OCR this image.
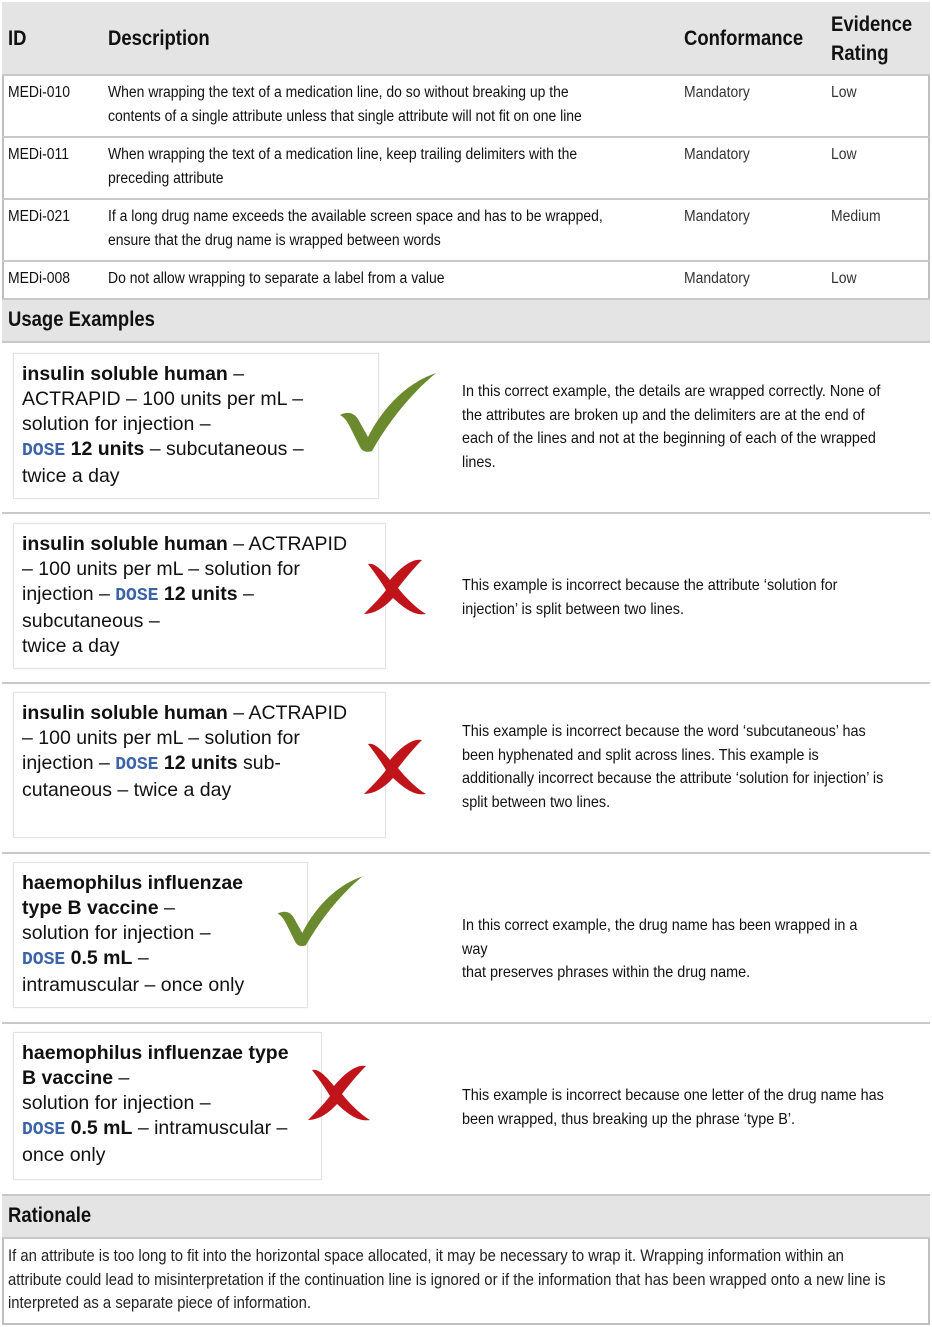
ID	Description	Conformance
Evidence
Rating
MEDi-010 When wrapping the text of a medication line, do so without breaking up the
contents of a single attribute unless that single attribute will not fit on one line
Mandatory	Low
MEDi-011	When wrapping the text of a medication line, keep trailing delimiters with the
preceding attribute
Mandatory	Low
MEDi-021 If a long drug name exceeds the available screen space and has to be wrapped,
ensure that the drug name is wrapped between words
Mandatory	Medium
MEDi-008 Do not allow wrapping to separate a label from a value	Mandatory	Low
Usage Examples
insulin soluble human –
ACTRAPID – 100 units per mL –
solution for injection –
DOSE 12 units – subcutaneous –
twice a day
In this correct example, the details are wrapped correctly. None of
the attributes are broken up and the delimiters are at the end of
each of the lines and not at the beginning of each of the wrapped
lines.
insulin soluble human – ACTRAPID
– 100 units per mL – solution for
injection – DOSE 12 units –
subcutaneous –
twice a day
This example is incorrect because the attribute ‘solution for
injection’ is split between two lines.
insulin soluble human – ACTRAPID
– 100 units per mL – solution for
injection – DOSE 12 units sub-
cutaneous – twice a day
This example is incorrect because the word ‘subcutaneous’ has
been hyphenated and split across lines. This example is
additionally incorrect because the attribute ‘solution for injection’ is
split between two lines.
haemophilus influenzae
type B vaccine –
solution for injection –
DOSE 0.5 mL –
intramuscular – once only
In this correct example, the drug name has been wrapped in a way
that preserves phrases within the drug name.
haemophilus influenzae type
B vaccine –
solution for injection –
DOSE 0.5 mL – intramuscular –
once only
This example is incorrect because one letter of the drug name has
been wrapped, thus breaking up the phrase ‘type B’.
Rationale
If an attribute is too long to fit into the horizontal space allocated, it may be necessary to wrap it. Wrapping information within an
attribute could lead to misinterpretation if the continuation line is ignored or if the information that has been wrapped onto a new line is
interpreted as a separate piece of information.
